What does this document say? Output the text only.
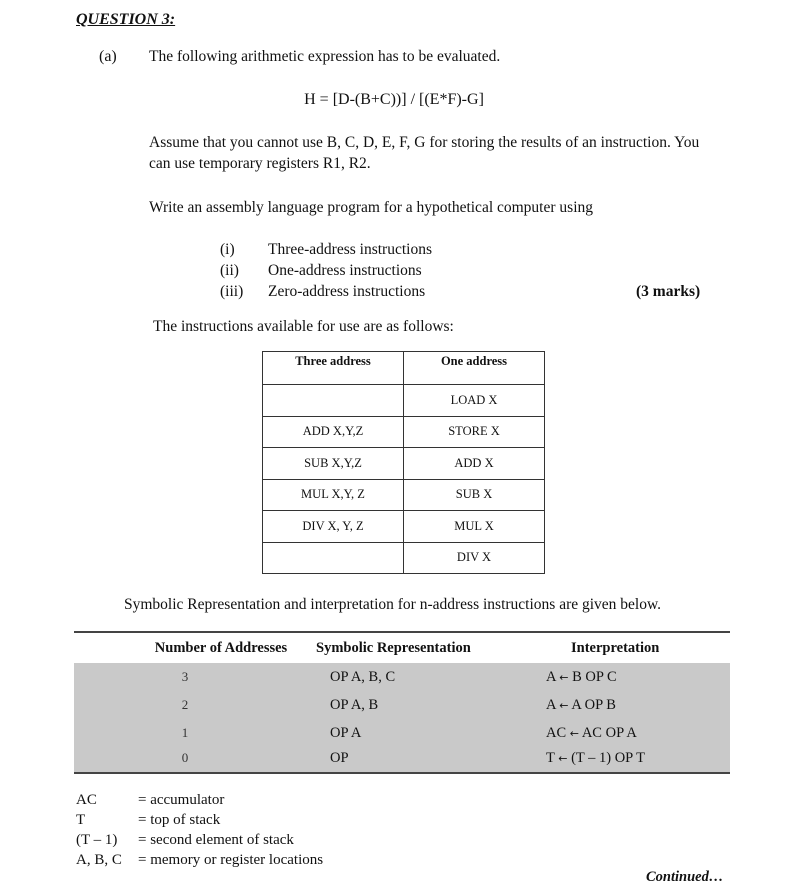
QUESTION 3:
(a) The following arithmetic expression has to be evaluated.
H = [D-(B+C))] / [(E*F)-G]
Assume that you cannot use B, C, D, E, F, G for storing the results of an instruction. You
can use temporary registers R1, R2.
Write an assembly language program for a hypothetical computer using
(i) Three-address instructions
(ii) One-address instructions
(iii) Zero-address instructions	(3 marks)
The instructions available for use are as follows:
Three address	One address
	LOAD X
ADD X,Y,Z	STORE X
SUB X,Y,Z	ADD X
MUL X,Y, Z	SUB X
DIV X, Y, Z	MUL X
	DIV X
Symbolic Representation and interpretation for n-address instructions are given below.
Number of Addresses	Symbolic Representation	Interpretation
3	OP A, B, C	A ← B OP C
2	OP A, B	A ← A OP B
1	OP A	AC ← AC OP A
0	OP	T ← (T – 1) OP T
AC	= accumulator
T	= top of stack
(T – 1) = second element of stack
A, B, C = memory or register locations
Continued…
